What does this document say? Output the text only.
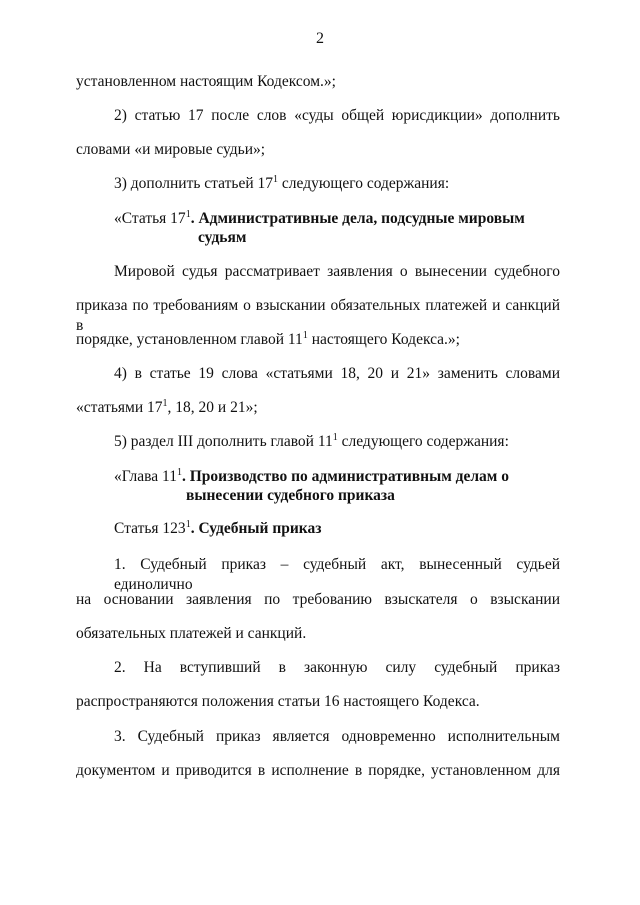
2
установленном настоящим Кодексом.»;
2) статью 17 после слов «суды общей юрисдикции» дополнить
словами «и мировые судьи»;
3) дополнить статьей $17^1$ следующего содержания:
«Статья $17^1$. Административные дела, подсудные мировым
судьям
Мировой судья рассматривает заявления о вынесении судебного
приказа по требованиям о взыскании обязательных платежей и санкций в
порядке, установленном главой $11^1$ настоящего Кодекса.»;
4) в статье 19 слова «статьями 18, 20 и 21» заменить словами
«статьями $17^1$, 18, 20 и 21»;
5) раздел III дополнить главой $11^1$ следующего содержания:
«Глава $11^1$. Производство по административным делам о
вынесении судебного приказа
Статья $123^1$. Судебный приказ
1. Судебный приказ – судебный акт, вынесенный судьей единолично
на основании заявления по требованию взыскателя о взыскании
обязательных платежей и санкций.
2. На вступивший в законную силу судебный приказ
распространяются положения статьи 16 настоящего Кодекса.
3. Судебный приказ является одновременно исполнительным
документом и приводится в исполнение в порядке, установленном для
